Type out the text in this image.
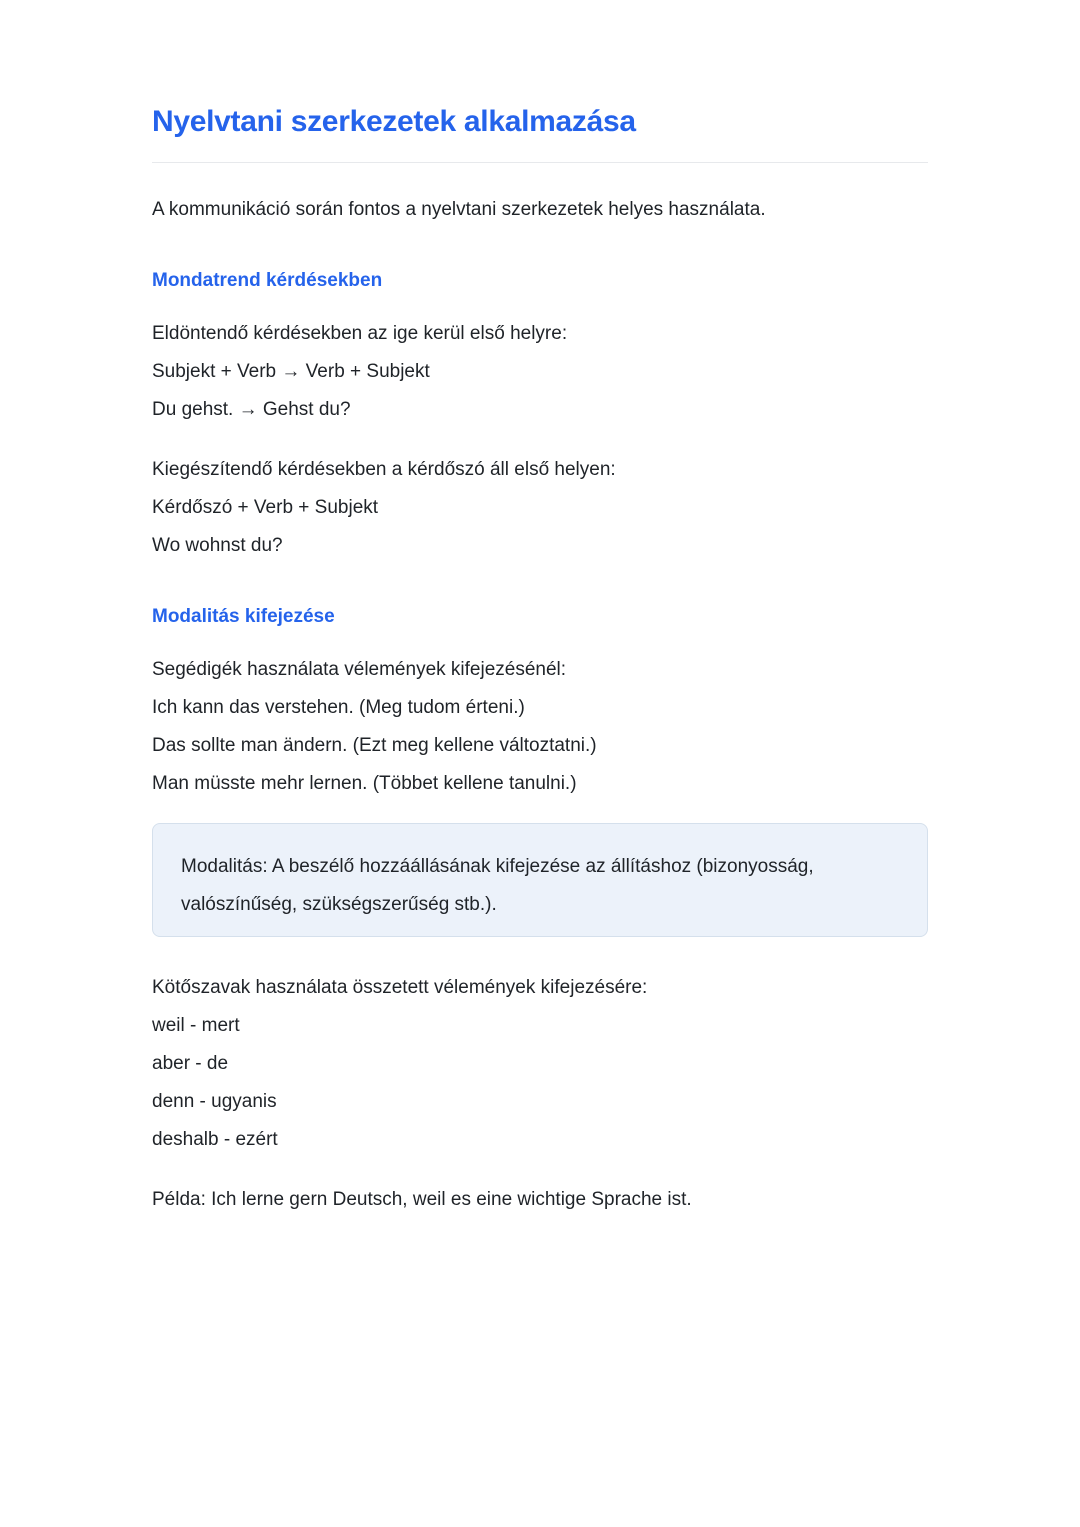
Nyelvtani szerkezetek alkalmazása

A kommunikáció során fontos a nyelvtani szerkezetek helyes használata.

Mondatrend kérdésekben
Eldöntendő kérdésekben az ige kerül első helyre:
Subjekt + Verb → Verb + Subjekt
Du gehst. → Gehst du?
Kiegészítendő kérdésekben a kérdőszó áll első helyen:
Kérdőszó + Verb + Subjekt
Wo wohnst du?
Modalitás kifejezése
Segédigék használata vélemények kifejezésénél:
Ich kann das verstehen. (Meg tudom érteni.)
Das sollte man ändern. (Ezt meg kellene változtatni.)
Man müsste mehr lernen. (Többet kellene tanulni.)
Modalitás: A beszélő hozzáállásának kifejezése az állításhoz (bizonyosság, valószínűség, szükségszerűség stb.).
Kötőszavak használata összetett vélemények kifejezésére:
weil - mert
aber - de
denn - ugyanis
deshalb - ezért

Példa: Ich lerne gern Deutsch, weil es eine wichtige Sprache ist.
